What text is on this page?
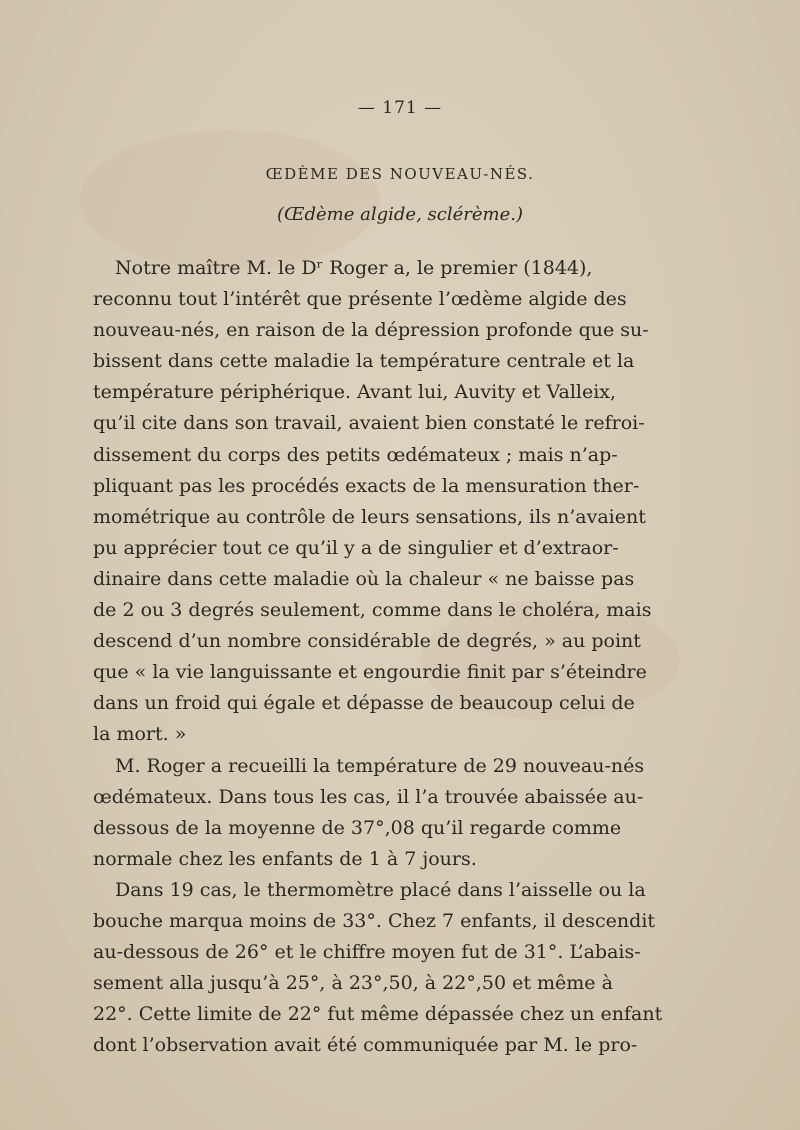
— 171 —
ŒDÈME DES NOUVEAU-NÉS.
(Œdème algide, sclérème.)
Notre maître M. le Dʳ Roger a, le premier (1844),
reconnu tout l’intérêt que présente l’œdème algide des
nouveau-nés, en raison de la dépression profonde que su-
bissent dans cette maladie la température centrale et la
température périphérique. Avant lui, Auvity et Valleix,
qu’il cite dans son travail, avaient bien constaté le refroi-
dissement du corps des petits œdémateux ; mais n’ap-
pliquant pas les procédés exacts de la mensuration ther-
mométrique au contrôle de leurs sensations, ils n’avaient
pu apprécier tout ce qu’il y a de singulier et d’extraor-
dinaire dans cette maladie où la chaleur « ne baisse pas
de 2 ou 3 degrés seulement, comme dans le choléra, mais
descend d’un nombre considérable de degrés, » au point
que « la vie languissante et engourdie finit par s’éteindre
dans un froid qui égale et dépasse de beaucoup celui de
la mort. »
M. Roger a recueilli la température de 29 nouveau-nés
œdémateux. Dans tous les cas, il l’a trouvée abaissée au-
dessous de la moyenne de 37°,08 qu’il regarde comme
normale chez les enfants de 1 à 7 jours.
Dans 19 cas, le thermomètre placé dans l’aisselle ou la
bouche marqua moins de 33°. Chez 7 enfants, il descendit
au-dessous de 26° et le chiffre moyen fut de 31°. L’abais-
sement alla jusqu’à 25°, à 23°,50, à 22°,50 et même à
22°. Cette limite de 22° fut même dépassée chez un enfant
dont l’observation avait été communiquée par M. le pro-
